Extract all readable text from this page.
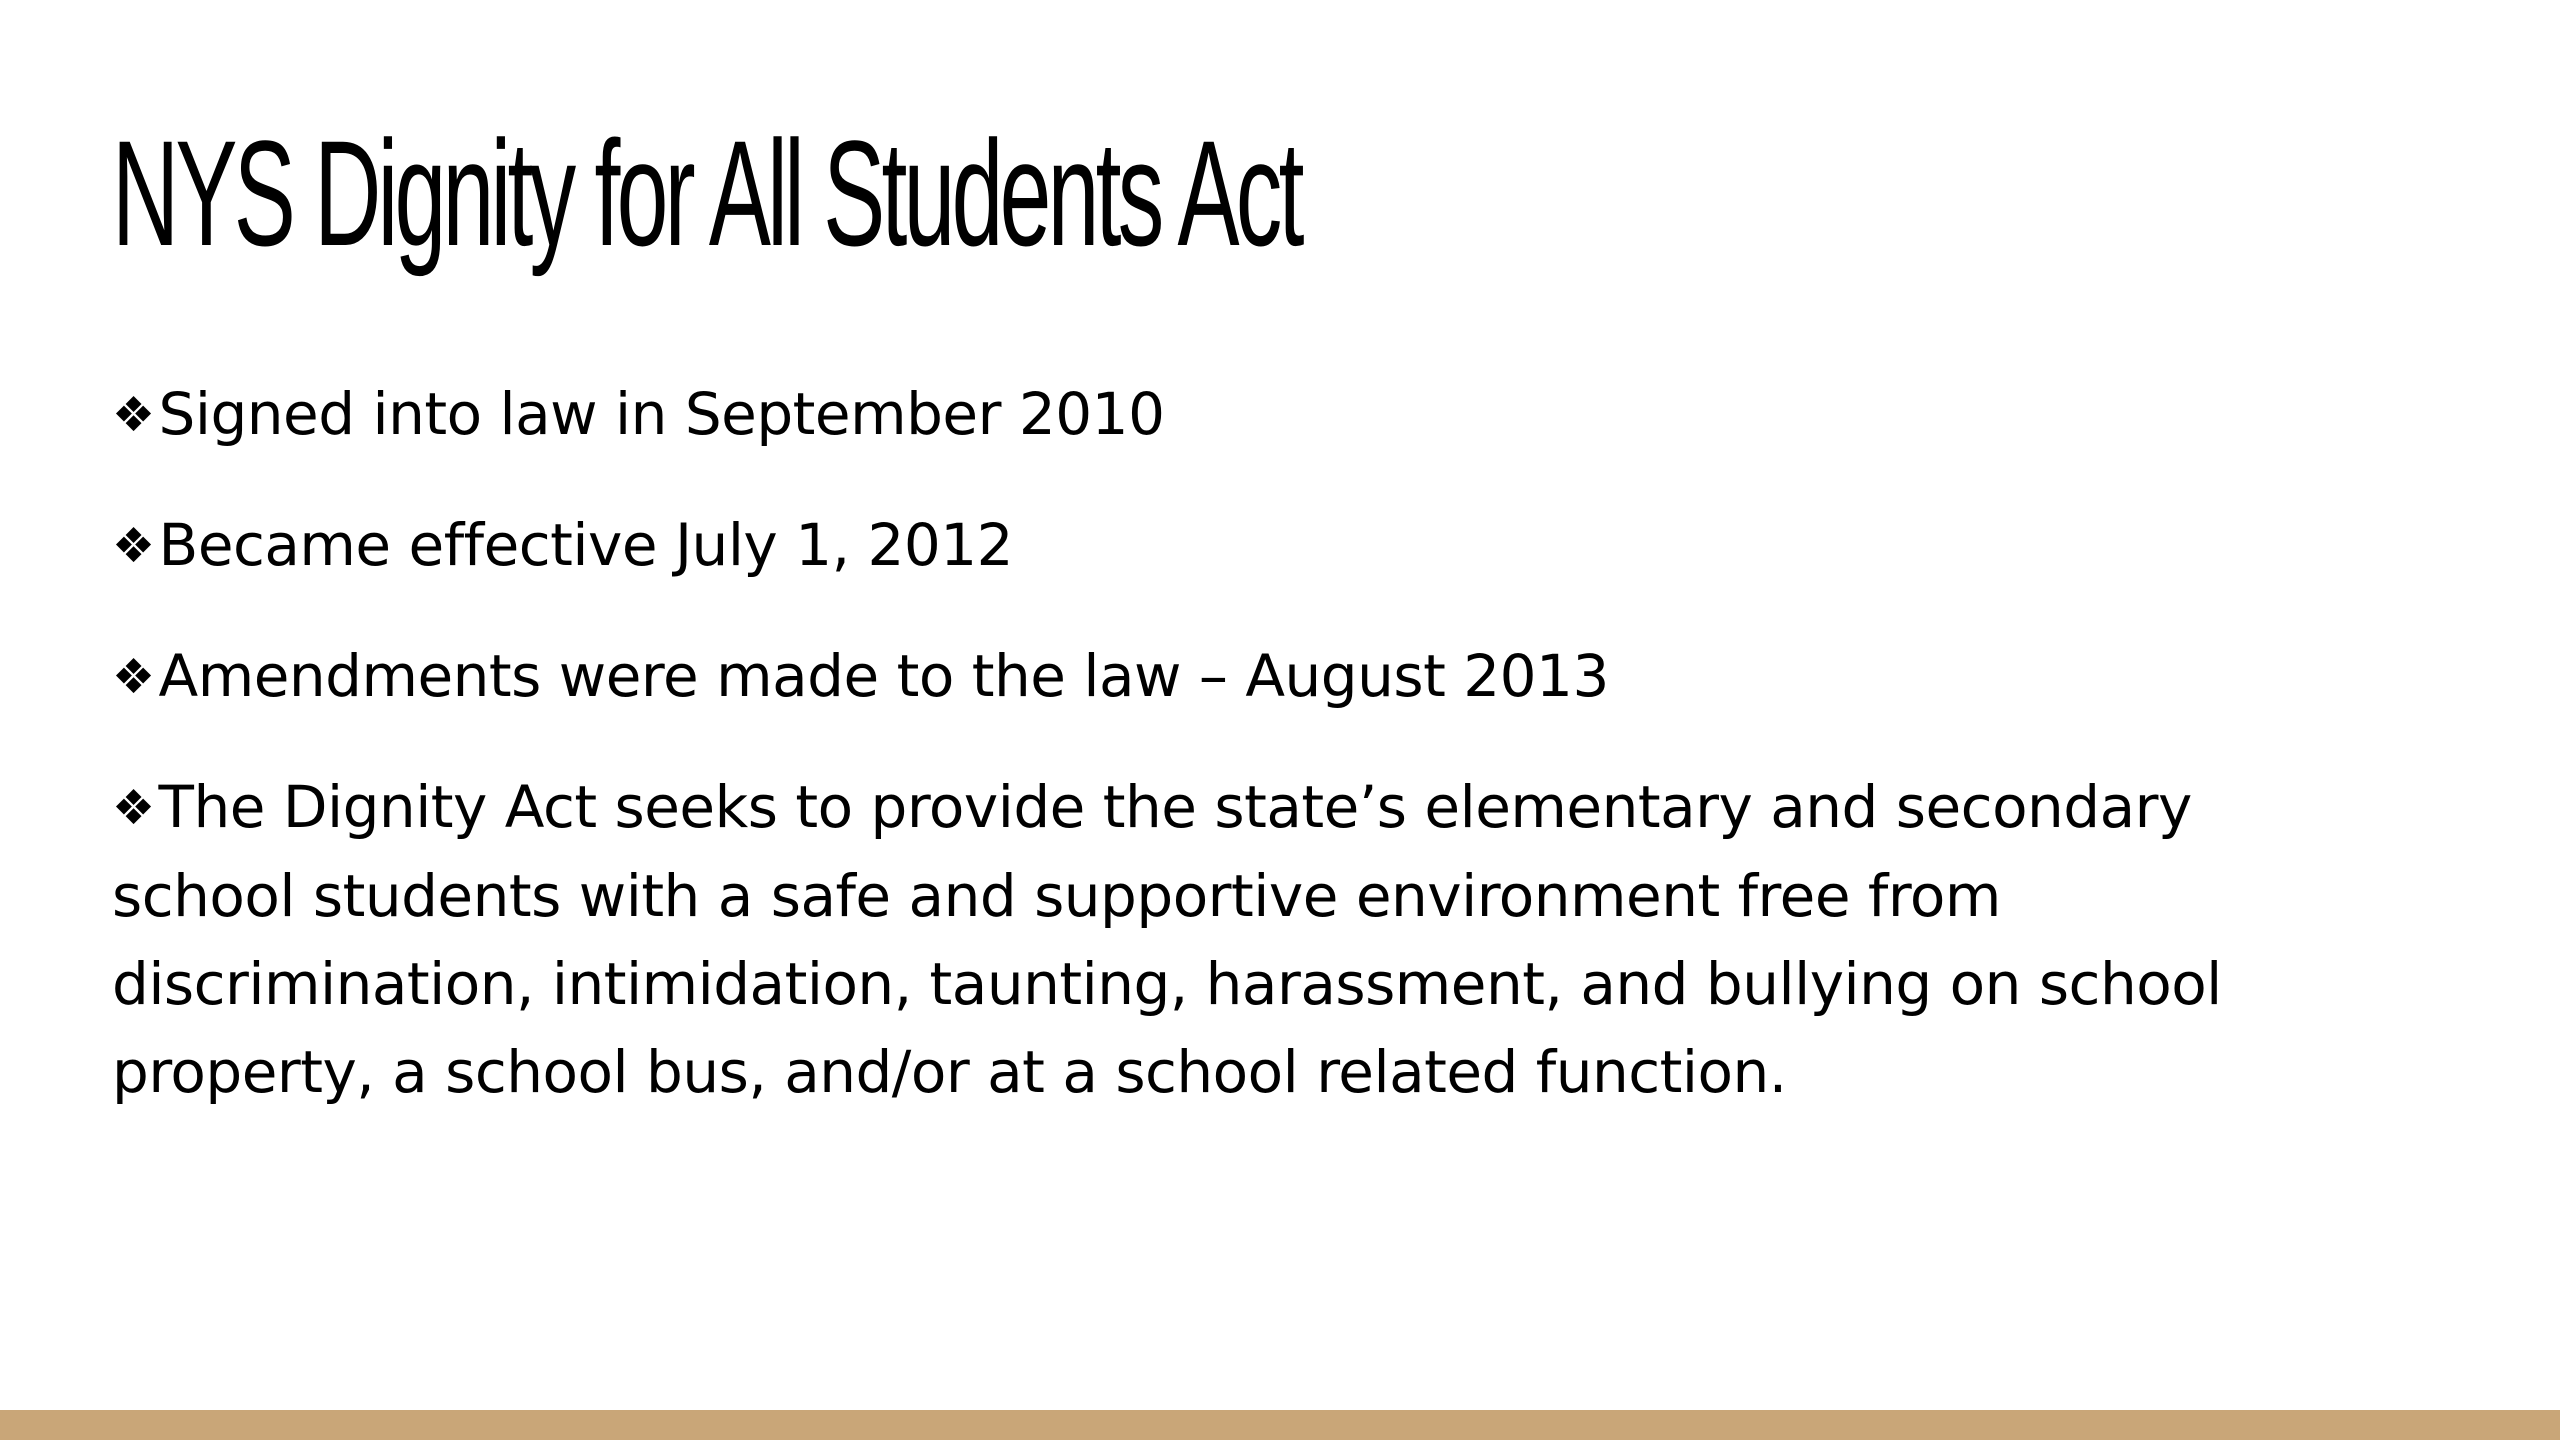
NYS Dignity for All Students Act
❖Signed into law in September 2010
❖Became effective July 1, 2012
❖Amendments were made to the law – August 2013
❖The Dignity Act seeks to provide the state’s elementary and secondary school students with a safe and supportive environment free from discrimination, intimidation, taunting, harassment, and bullying on school property, a school bus, and/or at a school related function.
